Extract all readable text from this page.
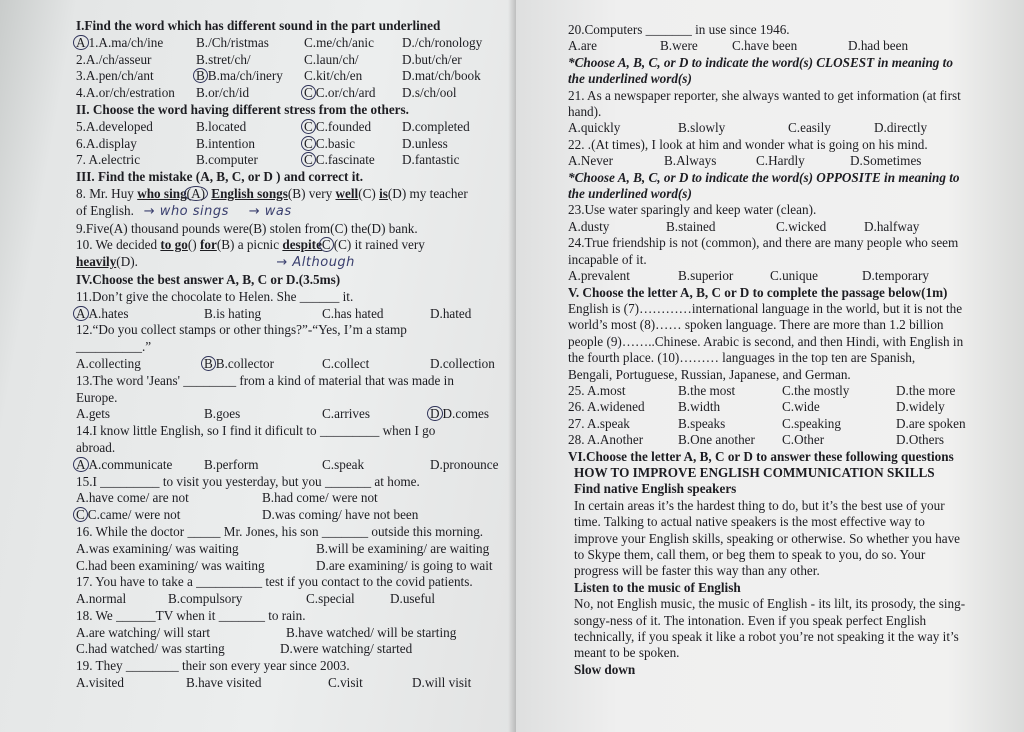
I.Find the word which has different sound in the part underlined
A 1.A.ma/ch/ine B./Ch/ristmas	C.me/ch/anic D./ch/ronology
2.A./ch/asseur	B.stret/ch/	C.laun/ch/	D.but/ch/er
3.A.pen/ch/ant	B B.ma/ch/inery C.kit/ch/en	D.mat/ch/book
4.A.or/ch/estration B.or/ch/id	C C.or/ch/ard D.s/ch/ool
II. Choose the word having different stress from the others.
5.A.developed	B.located	C C.founded D.completed
6.A.display	B.intention	C C.basic	D.unless
7. A.electric	B.computer	C C.fascinate D.fantastic
III. Find the mistake (A, B, C, or D ) and correct it.
8. Mr. Huy who sing(A) English songs(B) very well(C) is(D) my teacher
of English. → who sings → was
9.Five(A) thousand pounds were(B) stolen from(C) the(D) bank.
10. We decided to go() for(B) a picnic despiteC (C) it rained very
heavily(D).	→ Although
IV.Choose the best answer A, B, C or D.(3.5ms)
11.Don’t give the chocolate to Helen. She ______ it.
A A.hates	B.is hating	C.has hated	D.hated
12.“Do you collect stamps or other things?”-“Yes, I’m a stamp
__________.”
A.collecting	B B.collector	C.collect	D.collection
13.The word 'Jeans' ________ from a kind of material that was made in
Europe.
A.gets	B.goes	C.arrives	D D.comes
14.I know little English, so I find it dificult to _________ when I go
abroad.
A A.communicate	B.perform	C.speak	D.pronounce
15.I _________ to visit you yesterday, but you _______ at home.
A.have come/ are not	B.had come/ were not
C C.came/ were not	D.was coming/ have not been
16. While the doctor _____ Mr. Jones, his son _______ outside this morning.
A.was examining/ was waiting	B.will be examining/ are waiting
C.had been examining/ was waiting	D.are examining/ is going to wait
17. You have to take a __________ test if you contact to the covid patients.
A.normal	B.compulsory	C.special	D.useful
18. We ______TV when it _______ to rain.
A.are watching/ will start	B.have watched/ will be starting
C.had watched/ was starting	D.were watching/ started
19. They ________ their son every year since 2003.
A.visited	B.have visited	C.visit	D.will visit
20.Computers _______ in use since 1946.
A.are	B.were	C.have been	D.had been
*Choose A, B, C, or D to indicate the word(s) CLOSEST in meaning to
the underlined word(s)
21. As a newspaper reporter, she always wanted to get information (at first
hand).
A.quickly	B.slowly	C.easily	D.directly
22. .(At times), I look at him and wonder what is going on his mind.
A.Never	B.Always	C.Hardly	D.Sometimes
*Choose A, B, C, or D to indicate the word(s) OPPOSITE in meaning to
the underlined word(s)
23.Use water sparingly and keep water (clean).
A.dusty	B.stained	C.wicked	D.halfway
24.True friendship is not (common), and there are many people who seem
incapable of it.
A.prevalent	B.superior	C.unique	D.temporary
V. Choose the letter A, B, C or D to complete the passage below(1m)
English is (7)…………international language in the world, but it is not the
world’s most (8)…… spoken language. There are more than 1.2 billion
people (9)……..Chinese. Arabic is second, and then Hindi, with English in
the fourth place. (10)……… languages in the top ten are Spanish,
Bengali, Portuguese, Russian, Japanese, and German.
25. A.most	B.the most	C.the mostly	D.the more
26. A.widened	B.width	C.wide	D.widely
27. A.speak	B.speaks	C.speaking	D.are spoken
28. A.Another	B.One another	C.Other	D.Others
VI.Choose the letter A, B, C or D to answer these following questions
HOW TO IMPROVE ENGLISH COMMUNICATION SKILLS
Find native English speakers
In certain areas it’s the hardest thing to do, but it’s the best use of your
time. Talking to actual native speakers is the most effective way to
improve your English skills, speaking or otherwise. So whether you have
to Skype them, call them, or beg them to speak to you, do so. Your
progress will be faster this way than any other.
Listen to the music of English
No, not English music, the music of English - its lilt, its prosody, the sing-
songy-ness of it. The intonation. Even if you speak perfect English
technically, if you speak it like a robot you’re not speaking it the way it’s
meant to be spoken.
Slow down
